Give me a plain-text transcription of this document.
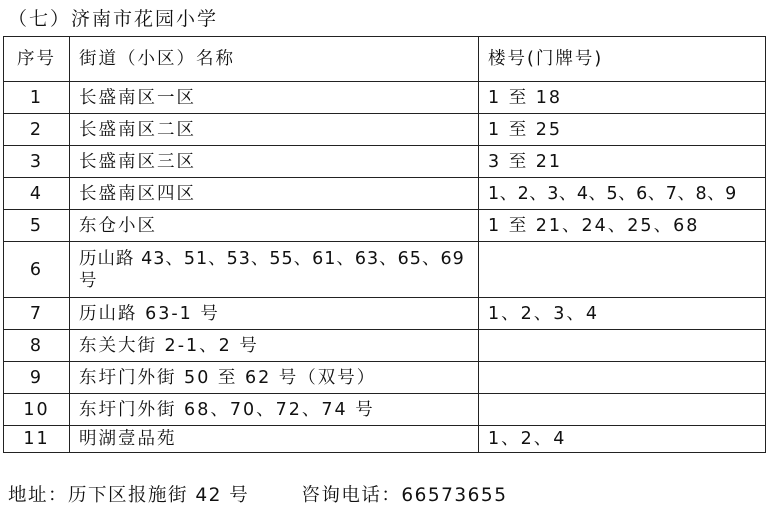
（七）济南市花园小学
序号	街道（小区）名称	楼号(门牌号)
1	长盛南区一区	1 至 18
2	长盛南区二区	1 至 25
3	长盛南区三区	3 至 21
4	长盛南区四区	1、2、3、4、5、6、7、8、9
5	东仓小区	1 至 21、24、25、68
6	历山路 43、51、53、55、61、63、65、69 号	
7	历山路 63-1 号	1、2、3、4
8	东关大街 2-1、2 号	
9	东圩门外街 50 至 62 号（双号）	
10	东圩门外街 68、70、72、74 号	
11	明湖壹品苑	1、2、4
地址：历下区报施街 42 号	咨询电话：66573655
